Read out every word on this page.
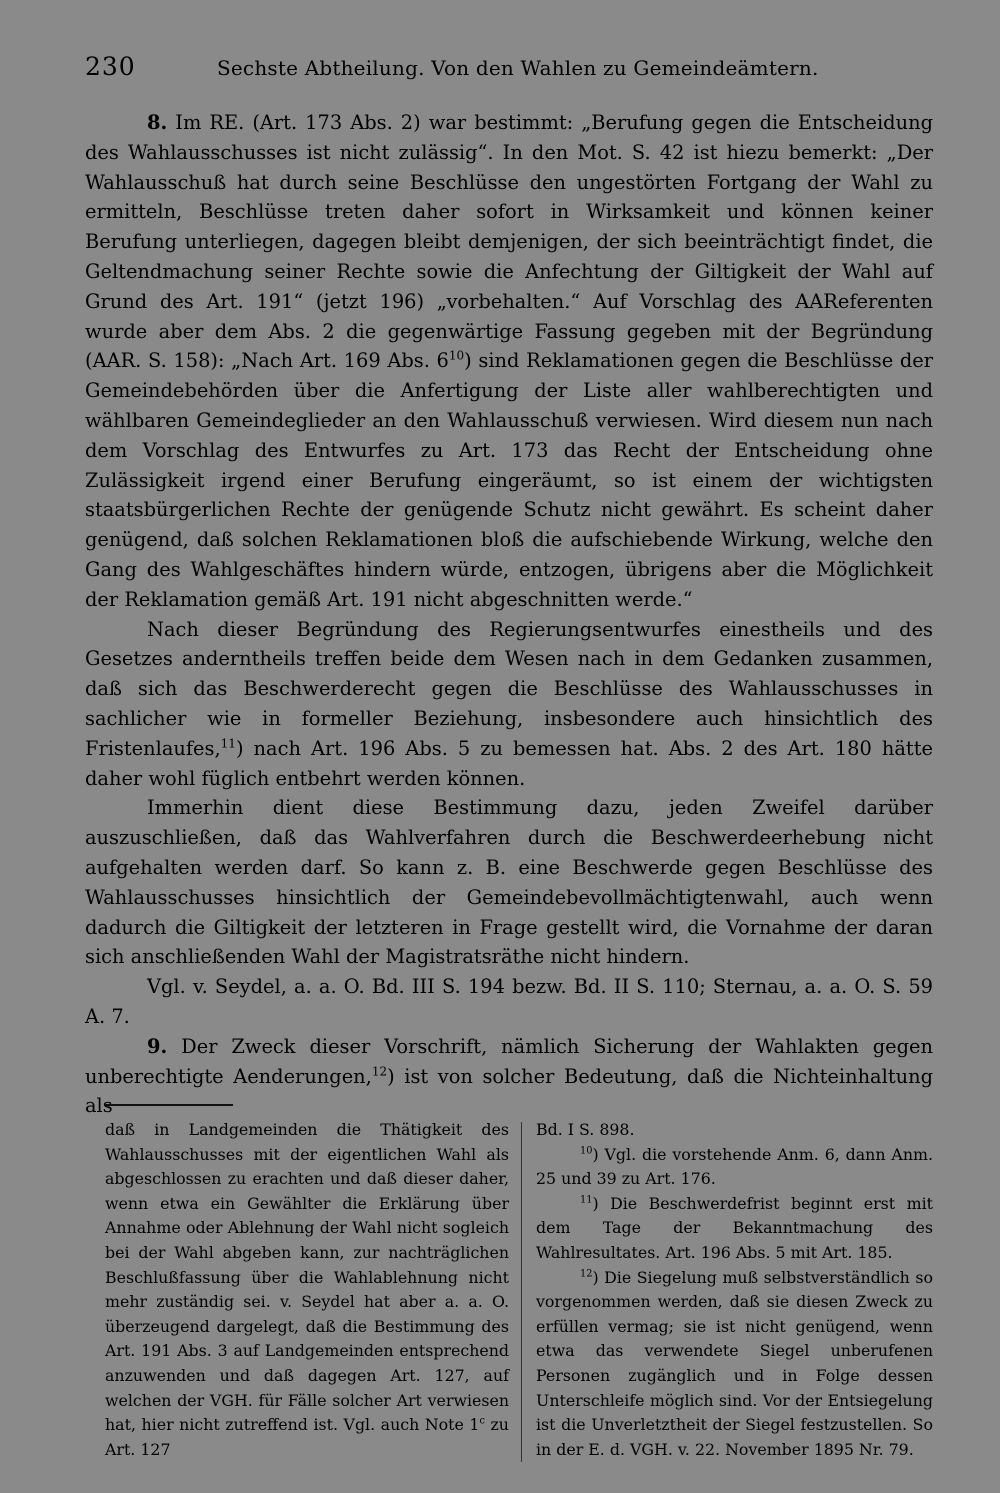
230	Sechste Abtheilung. Von den Wahlen zu Gemeindeämtern.

8. Im RE. (Art. 173 Abs. 2) war bestimmt: „Berufung gegen die Entscheidung des Wahlausschusses ist nicht zulässig“. In den Mot. S. 42 ist hiezu bemerkt: „Der Wahlausschuß hat durch seine Beschlüsse den ungestörten Fortgang der Wahl zu ermitteln, Beschlüsse treten daher sofort in Wirksamkeit und können keiner Berufung unterliegen, dagegen bleibt demjenigen, der sich beeinträchtigt findet, die Geltendmachung seiner Rechte sowie die Anfechtung der Giltigkeit der Wahl auf Grund des Art. 191“ (jetzt 196) „vorbehalten.“ Auf Vorschlag des AAReferenten wurde aber dem Abs. 2 die gegenwärtige Fassung gegeben mit der Begründung (AAR. S. 158): „Nach Art. 169 Abs. $6^{10}$) sind Reklamationen gegen die Beschlüsse der Gemeindebehörden über die Anfertigung der Liste aller wahlberechtigten und wählbaren Gemeindeglieder an den Wahlausschuß verwiesen. Wird diesem nun nach dem Vorschlag des Entwurfes zu Art. 173 das Recht der Entscheidung ohne Zulässigkeit irgend einer Berufung eingeräumt, so ist einem der wichtigsten staatsbürgerlichen Rechte der genügende Schutz nicht gewährt. Es scheint daher genügend, daß solchen Reklamationen bloß die aufschiebende Wirkung, welche den Gang des Wahlgeschäftes hindern würde, entzogen, übrigens aber die Möglichkeit der Reklamation gemäß Art. 191 nicht abgeschnitten werde.“

Nach dieser Begründung des Regierungsentwurfes einestheils und des Gesetzes anderntheils treffen beide dem Wesen nach in dem Gedanken zusammen, daß sich das Beschwerderecht gegen die Beschlüsse des Wahlausschusses in sachlicher wie in formeller Beziehung, insbesondere auch hinsichtlich des Fristenlaufes,$^{11}$) nach Art. 196 Abs. 5 zu bemessen hat. Abs. 2 des Art. 180 hätte daher wohl füglich entbehrt werden können.

Immerhin dient diese Bestimmung dazu, jeden Zweifel darüber auszuschließen, daß das Wahlverfahren durch die Beschwerdeerhebung nicht aufgehalten werden darf. So kann z. B. eine Beschwerde gegen Beschlüsse des Wahlausschusses hinsichtlich der Gemeindebevollmächtigtenwahl, auch wenn dadurch die Giltigkeit der letzteren in Frage gestellt wird, die Vornahme der daran sich anschließenden Wahl der Magistratsräthe nicht hindern.

Vgl. v. Seydel, a. a. O. Bd. III S. 194 bezw. Bd. II S. 110; Sternau, a. a. O. S. 59 A. 7.

9. Der Zweck dieser Vorschrift, nämlich Sicherung der Wahlakten gegen unberechtigte Aenderungen,$^{12}$) ist von solcher Bedeutung, daß die Nichteinhaltung als

daß in Landgemeinden die Thätigkeit des Wahlausschusses mit der eigentlichen Wahl als abgeschlossen zu erachten und daß dieser daher, wenn etwa ein Gewählter die Erklärung über Annahme oder Ablehnung der Wahl nicht sogleich bei der Wahl abgeben kann, zur nachträglichen Beschlußfassung über die Wahlablehnung nicht mehr zuständig sei. v. Seydel hat aber a. a. O. überzeugend dargelegt, daß die Bestimmung des Art. 191 Abs. 3 auf Landgemeinden entsprechend anzuwenden und daß dagegen Art. 127, auf welchen der VGH. für Fälle solcher Art verwiesen hat, hier nicht zutreffend ist. Vgl. auch Note 1$^c$ zu Art. 127

Bd. I S. 898.

$^{10}$) Vgl. die vorstehende Anm. 6, dann Anm. 25 und 39 zu Art. 176.

$^{11}$) Die Beschwerdefrist beginnt erst mit dem Tage der Bekanntmachung des Wahlresultates. Art. 196 Abs. 5 mit Art. 185.

$^{12}$) Die Siegelung muß selbstverständlich so vorgenommen werden, daß sie diesen Zweck zu erfüllen vermag; sie ist nicht genügend, wenn etwa das verwendete Siegel unberufenen Personen zugänglich und in Folge dessen Unterschleife möglich sind. Vor der Entsiegelung ist die Unverletztheit der Siegel festzustellen. So in der E. d. VGH. v. 22. November 1895 Nr. 79.
